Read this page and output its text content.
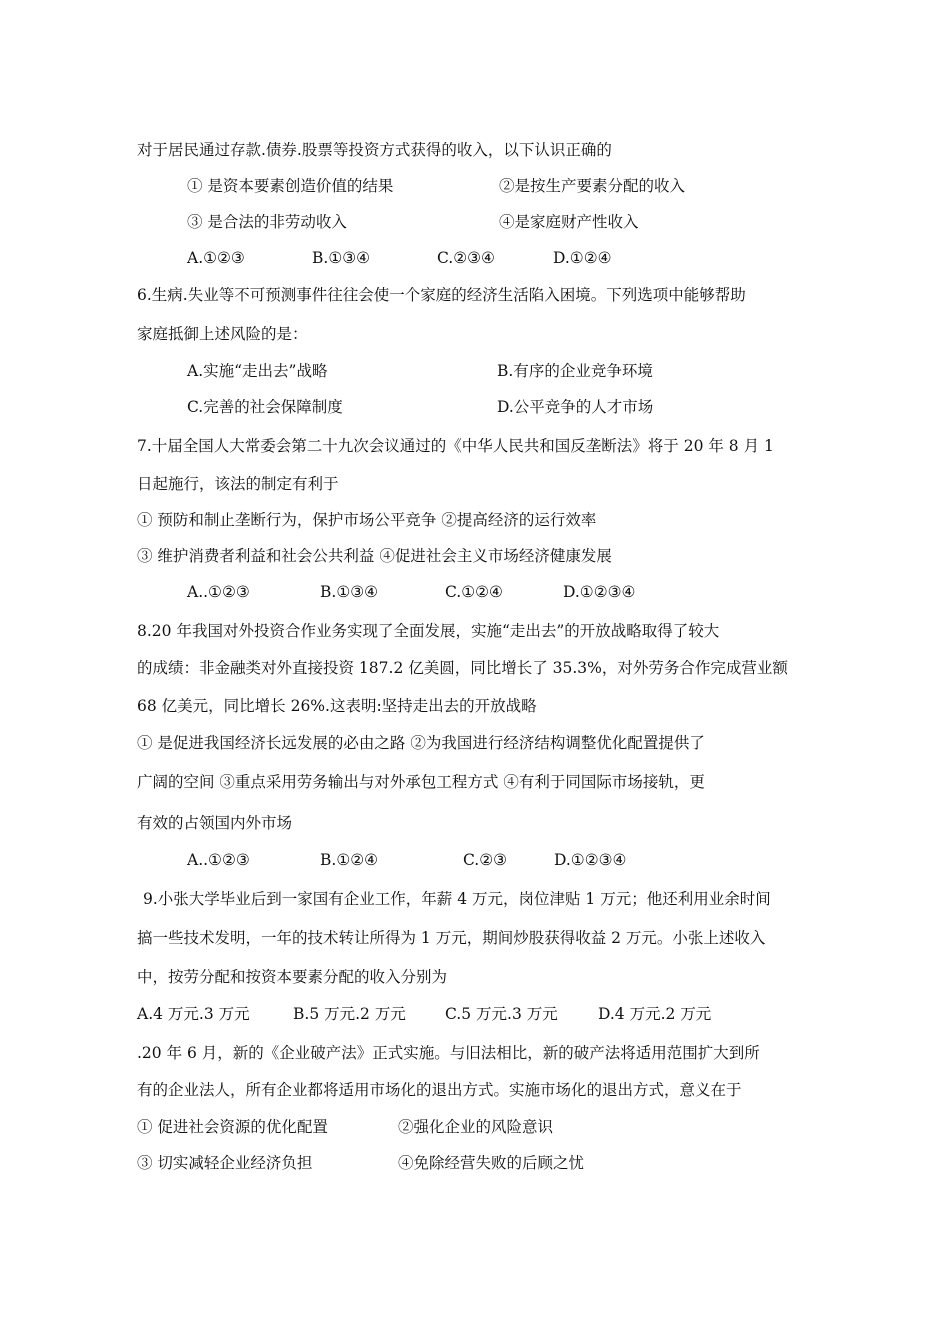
对于居民通过存款.债券.股票等投资方式获得的收入，以下认识正确的
① 是资本要素创造价值的结果	②是按生产要素分配的收入
③ 是合法的非劳动收入	④是家庭财产性收入
A.①②③	B.①③④	C.②③④	D.①②④
6.生病.失业等不可预测事件往往会使一个家庭的经济生活陷入困境。下列选项中能够帮助
家庭抵御上述风险的是：
A.实施“走出去”战略	B.有序的企业竞争环境
C.完善的社会保障制度	D.公平竞争的人才市场
7.十届全国人大常委会第二十九次会议通过的《中华人民共和国反垄断法》将于 20 年 8 月 1
日起施行，该法的制定有利于
① 预防和制止垄断行为，保护市场公平竞争 ②提高经济的运行效率
③ 维护消费者利益和社会公共利益 ④促进社会主义市场经济健康发展
A..①②③	B.①③④	C.①②④	D.①②③④
8.20 年我国对外投资合作业务实现了全面发展，实施“走出去”的开放战略取得了较大
的成绩：非金融类对外直接投资 187.2 亿美圆，同比增长了 35.3%，对外劳务合作完成营业额
68 亿美元，同比增长 26%.这表明:坚持走出去的开放战略
① 是促进我国经济长远发展的必由之路 ②为我国进行经济结构调整优化配置提供了
广阔的空间 ③重点采用劳务输出与对外承包工程方式 ④有利于同国际市场接轨，更
有效的占领国内外市场
A..①②③	B.①②④	C.②③	D.①②③④
9.小张大学毕业后到一家国有企业工作，年薪 4 万元，岗位津贴 1 万元；他还利用业余时间
搞一些技术发明，一年的技术转让所得为 1 万元，期间炒股获得收益 2 万元。小张上述收入
中，按劳分配和按资本要素分配的收入分别为
A.4 万元.3 万元	B.5 万元.2 万元	C.5 万元.3 万元	D.4 万元.2 万元
.20 年 6 月，新的《企业破产法》正式实施。与旧法相比，新的破产法将适用范围扩大到所
有的企业法人，所有企业都将适用市场化的退出方式。实施市场化的退出方式，意义在于
① 促进社会资源的优化配置	②强化企业的风险意识
③ 切实减轻企业经济负担	④免除经营失败的后顾之忧
